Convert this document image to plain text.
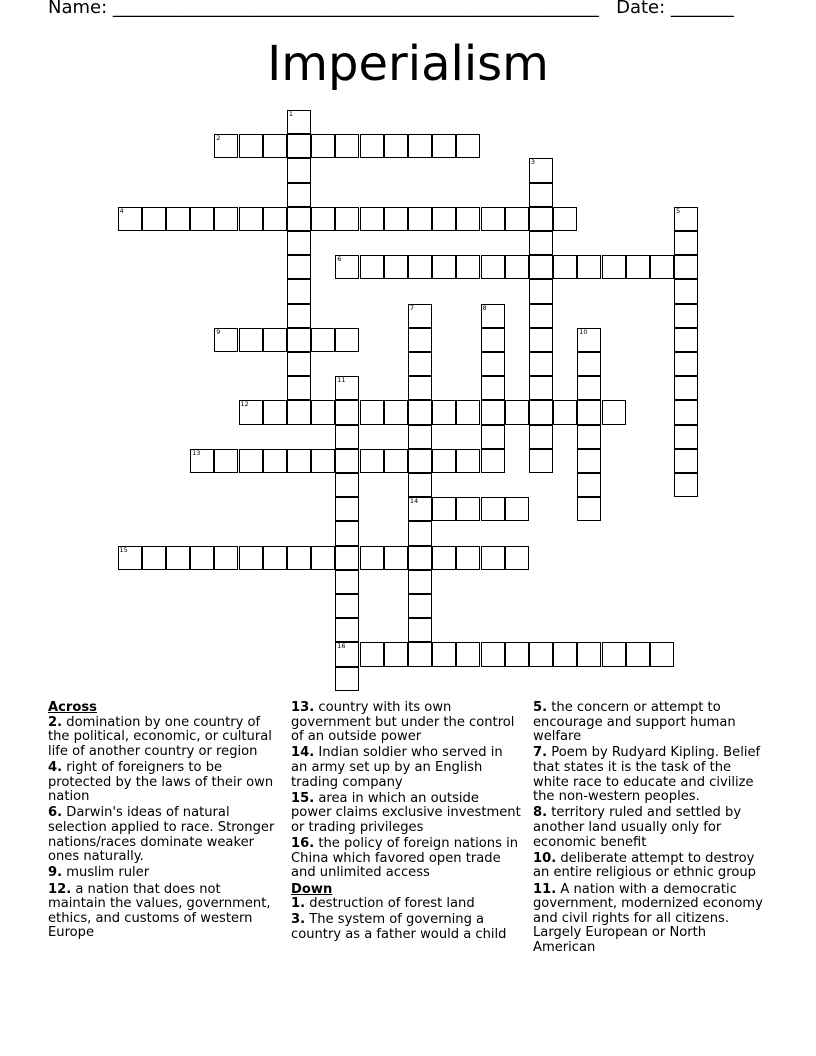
Name: ______________________________________________________ Date: _______
Imperialism
1
2
3
4	5
6
7
14
8
9	10
11
16
12
13
15
Across
2. domination by one country of the political, economic, or cultural life of another country or region
4. right of foreigners to be protected by the laws of their own nation
6. Darwin's ideas of natural selection applied to race. Stronger nations/races dominate weaker ones naturally.
9. muslim ruler
12. a nation that does not maintain the values, government, ethics, and customs of western Europe
13. country with its own government but under the control of an outside power
14. Indian soldier who served in an army set up by an English trading company
15. area in which an outside power claims exclusive investment or trading privileges
16. the policy of foreign nations in China which favored open trade and unlimited access
Down
1. destruction of forest land
3. The system of governing a country as a father would a child
5. the concern or attempt to encourage and support human welfare
7. Poem by Rudyard Kipling. Belief that states it is the task of the white race to educate and civilize the non-western peoples.
8. territory ruled and settled by another land usually only for economic benefit
10. deliberate attempt to destroy an entire religious or ethnic group
11. A nation with a democratic government, modernized economy and civil rights for all citizens. Largely European or North American
